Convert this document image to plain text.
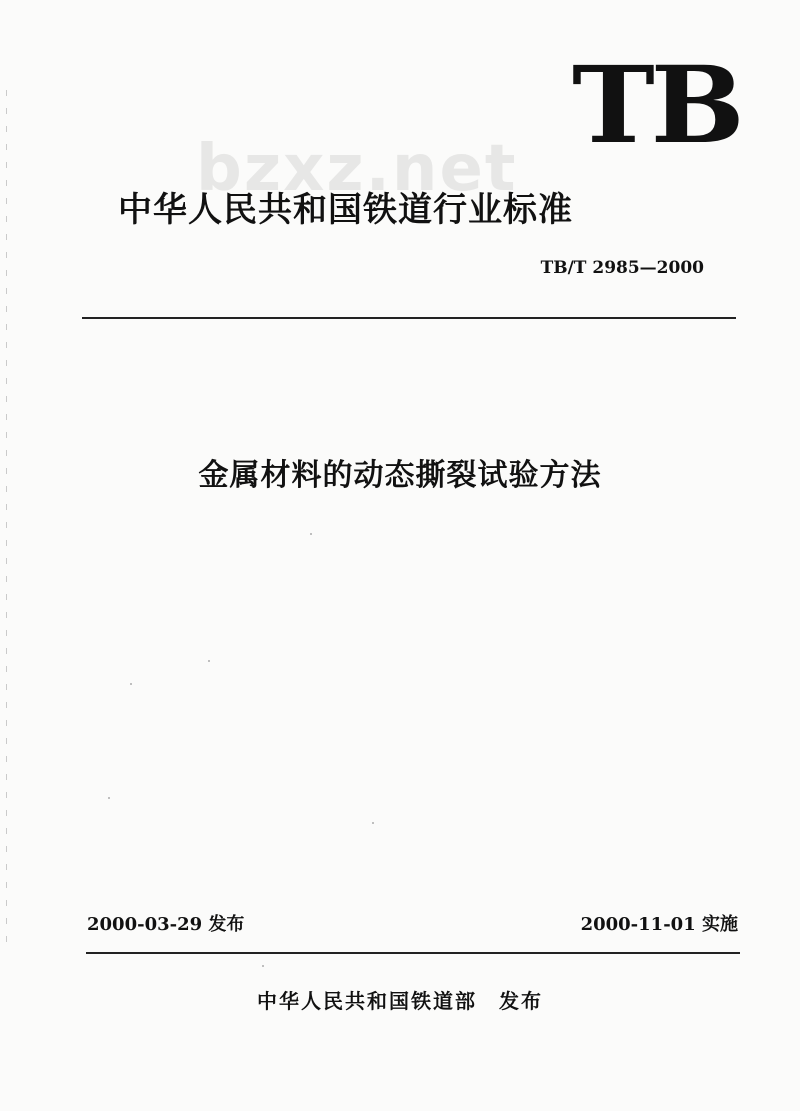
bzxz.net
TB
中华人民共和国铁道行业标准
TB/T 2985—2000
金属材料的动态撕裂试验方法
2000-03-29 发布	2000-11-01 实施
中华人民共和国铁道部  发布
